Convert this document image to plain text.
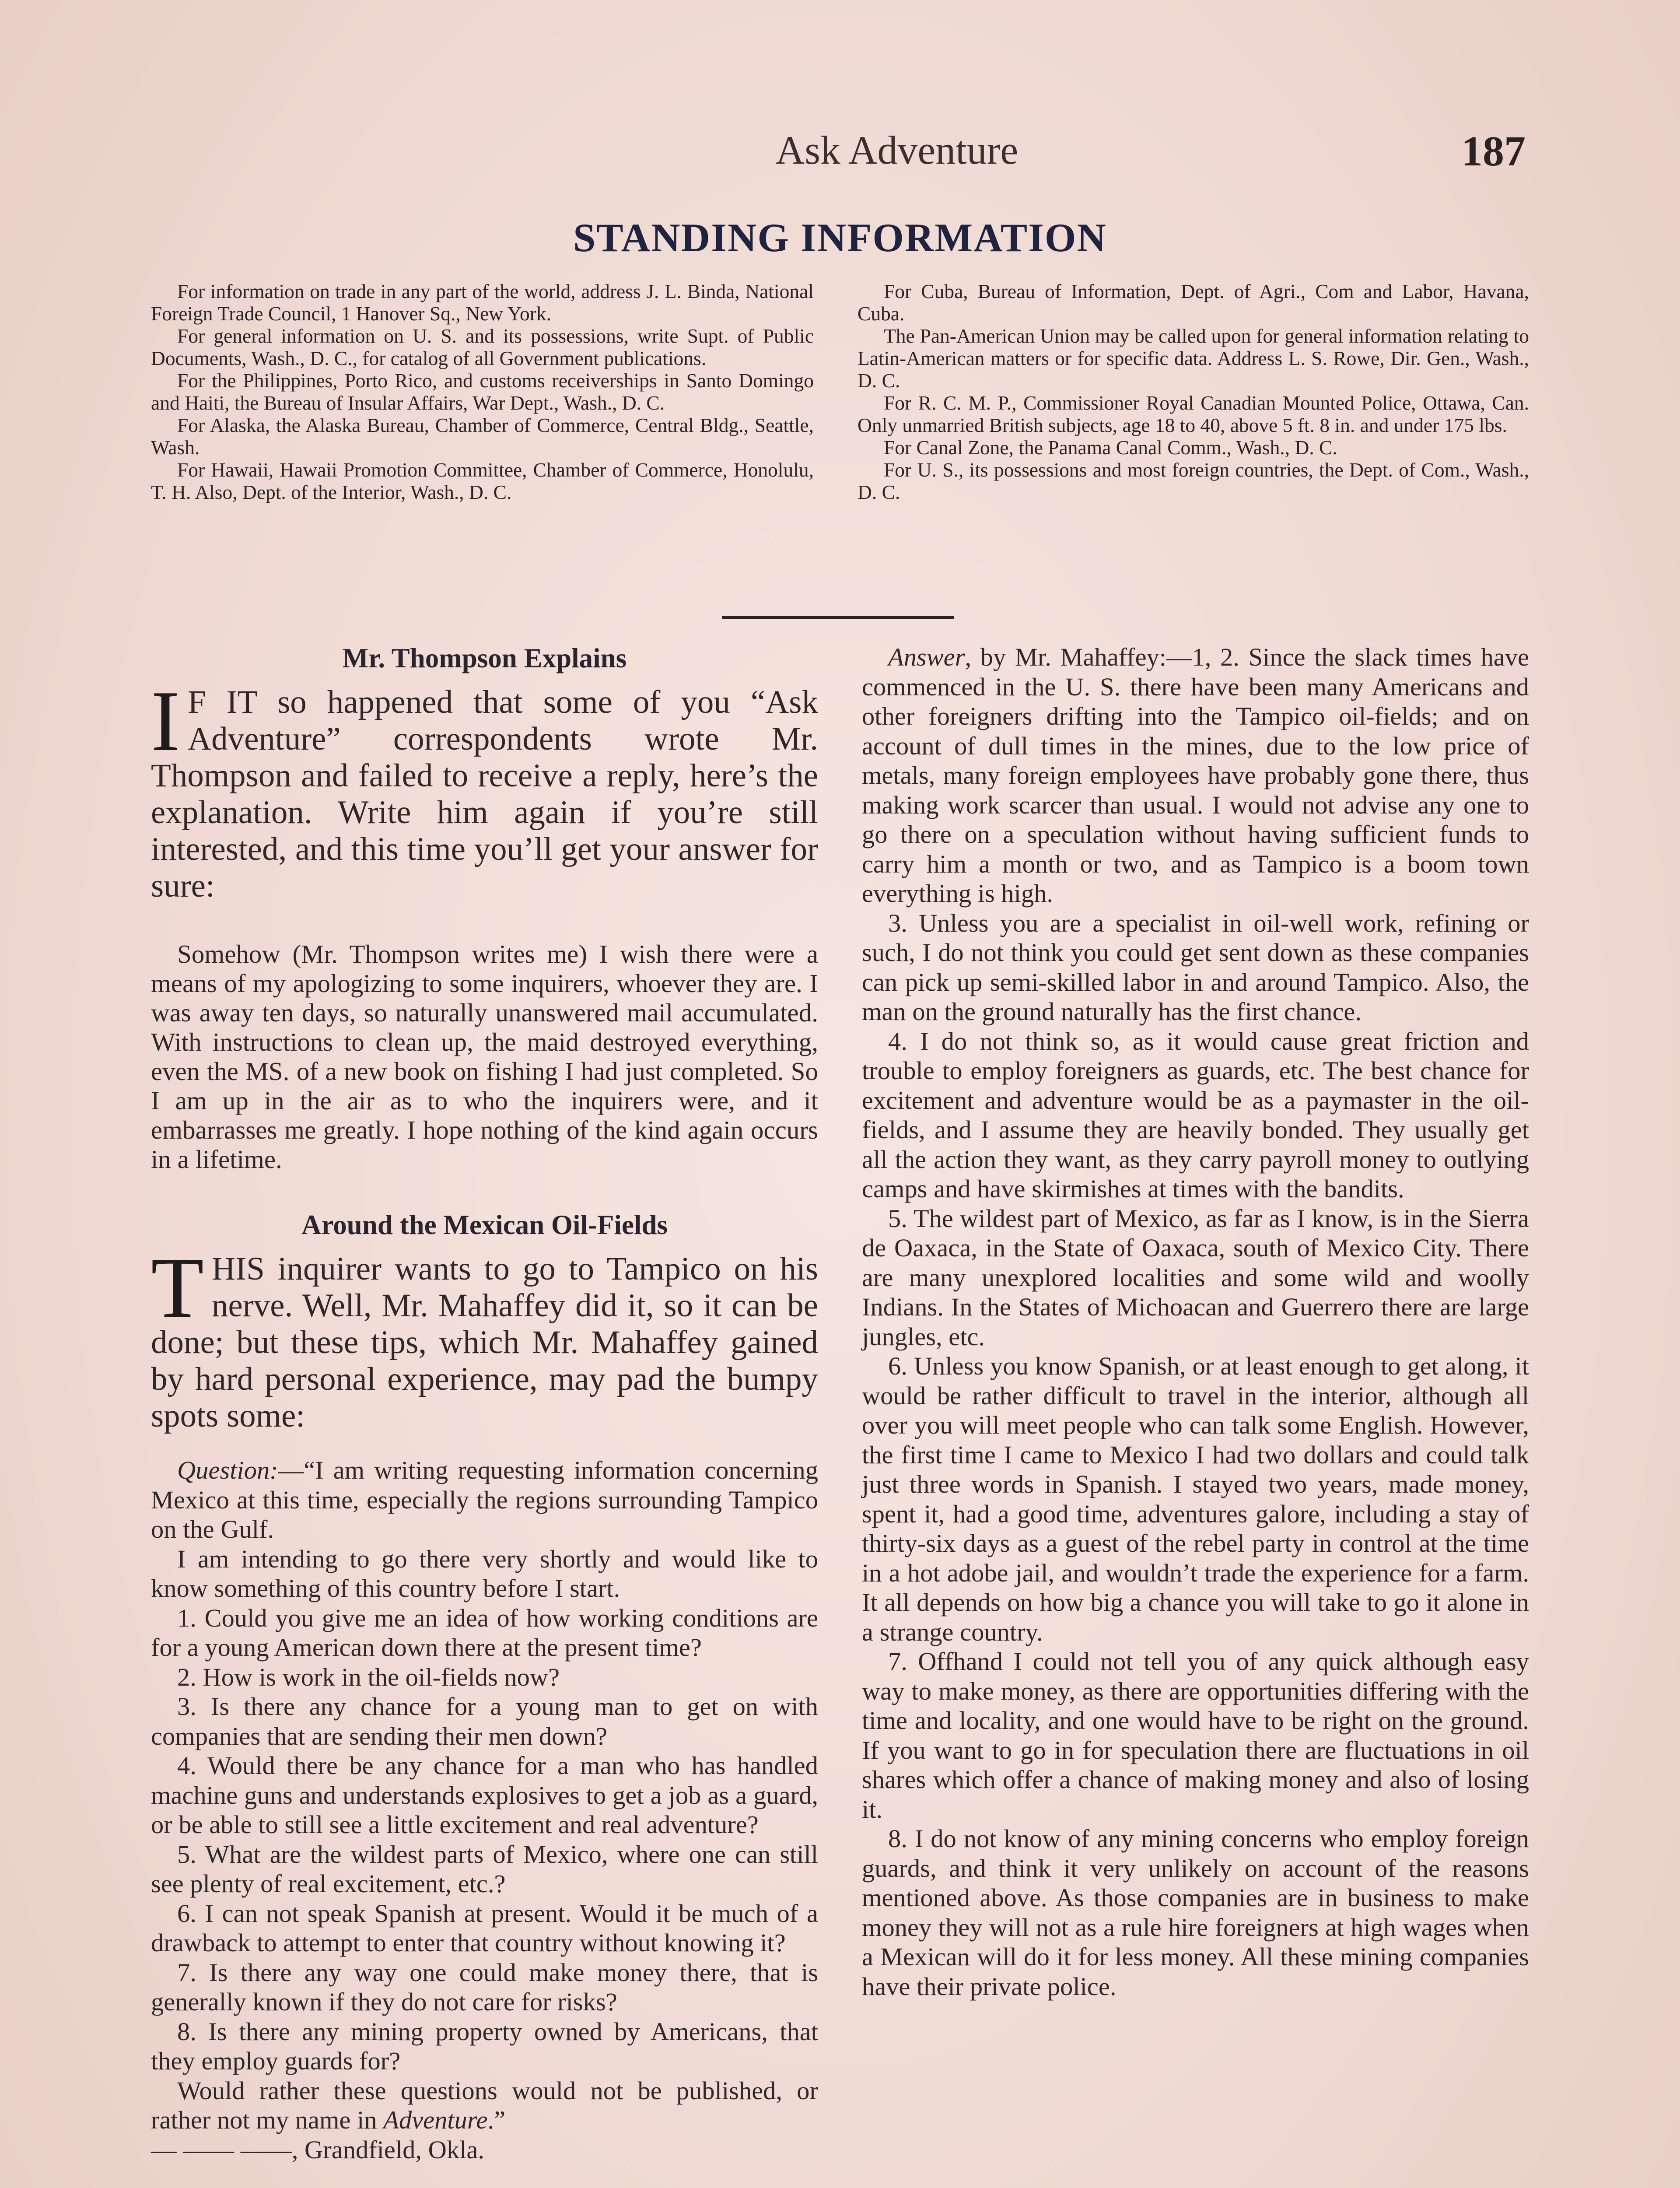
Ask Adventure	187
STANDING INFORMATION

For information on trade in any part of the world, address J. L. Binda, National Foreign Trade Council, 1 Hanover Sq., New York.

For general information on U. S. and its possessions, write Supt. of Public Documents, Wash., D. C., for catalog of all Government publications.

For the Philippines, Porto Rico, and customs receiverships in Santo Domingo and Haiti, the Bureau of Insular Affairs, War Dept., Wash., D. C.

For Alaska, the Alaska Bureau, Chamber of Commerce, Central Bldg., Seattle, Wash.

For Hawaii, Hawaii Promotion Committee, Chamber of Commerce, Honolulu, T. H. Also, Dept. of the Interior, Wash., D. C.

For Cuba, Bureau of Information, Dept. of Agri., Com and Labor, Havana, Cuba.

The Pan-American Union may be called upon for general information relating to Latin-American matters or for specific data. Address L. S. Rowe, Dir. Gen., Wash., D. C.

For R. C. M. P., Commissioner Royal Canadian Mounted Police, Ottawa, Can. Only unmarried British subjects, age 18 to 40, above 5 ft. 8 in. and under 175 lbs.

For Canal Zone, the Panama Canal Comm., Wash., D. C.

For U. S., its possessions and most foreign countries, the Dept. of Com., Wash., D. C.

Mr. Thompson Explains
I F IT so happened that some of you “Ask Adventure” correspondents wrote Mr. Thompson and failed to receive a reply, here’s the explanation. Write him again if you’re still interested, and this time you’ll get your answer for sure:

Somehow (Mr. Thompson writes me) I wish there were a means of my apologizing to some inquirers, whoever they are. I was away ten days, so naturally unanswered mail accumulated. With instructions to clean up, the maid destroyed everything, even the MS. of a new book on fishing I had just completed. So I am up in the air as to who the inquirers were, and it embarrasses me greatly. I hope nothing of the kind again occurs in a lifetime.

Around the Mexican Oil-Fields
THIS inquirer wants to go to Tampico on his nerve. Well, Mr. Mahaffey did it, so it can be done; but these tips, which Mr. Mahaffey gained by hard personal experience, may pad the bumpy spots some:

Question:—“I am writing requesting information concerning Mexico at this time, especially the regions surrounding Tampico on the Gulf.

I am intending to go there very shortly and would like to know something of this country before I start.

1. Could you give me an idea of how working conditions are for a young American down there at the present time?

2. How is work in the oil-fields now?

3. Is there any chance for a young man to get on with companies that are sending their men down?

4. Would there be any chance for a man who has handled machine guns and understands explosives to get a job as a guard, or be able to still see a little excitement and real adventure?

5. What are the wildest parts of Mexico, where one can still see plenty of real excitement, etc.?

6. I can not speak Spanish at present. Would it be much of a drawback to attempt to enter that country without knowing it?

7. Is there any way one could make money there, that is generally known if they do not care for risks?

8. Is there any mining property owned by Americans, that they employ guards for?

Would rather these questions would not be published, or rather not my name in Adventure.”

— —— ——, Grandfield, Okla.

Answer, by Mr. Mahaffey:—1, 2. Since the slack times have commenced in the U. S. there have been many Americans and other foreigners drifting into the Tampico oil-fields; and on account of dull times in the mines, due to the low price of metals, many foreign employees have probably gone there, thus making work scarcer than usual. I would not advise any one to go there on a speculation without having sufficient funds to carry him a month or two, and as Tampico is a boom town everything is high.

3. Unless you are a specialist in oil-well work, refining or such, I do not think you could get sent down as these companies can pick up semi-skilled labor in and around Tampico. Also, the man on the ground naturally has the first chance.

4. I do not think so, as it would cause great friction and trouble to employ foreigners as guards, etc. The best chance for excitement and adventure would be as a paymaster in the oil-fields, and I assume they are heavily bonded. They usually get all the action they want, as they carry payroll money to outlying camps and have skirmishes at times with the bandits.

5. The wildest part of Mexico, as far as I know, is in the Sierra de Oaxaca, in the State of Oaxaca, south of Mexico City. There are many unexplored localities and some wild and woolly Indians. In the States of Michoacan and Guerrero there are large jungles, etc.

6. Unless you know Spanish, or at least enough to get along, it would be rather difficult to travel in the interior, although all over you will meet people who can talk some English. However, the first time I came to Mexico I had two dollars and could talk just three words in Spanish. I stayed two years, made money, spent it, had a good time, adventures galore, including a stay of thirty-six days as a guest of the rebel party in control at the time in a hot adobe jail, and wouldn’t trade the experience for a farm. It all depends on how big a chance you will take to go it alone in a strange country.

7. Offhand I could not tell you of any quick although easy way to make money, as there are opportunities differing with the time and locality, and one would have to be right on the ground. If you want to go in for speculation there are fluctuations in oil shares which offer a chance of making money and also of losing it.

8. I do not know of any mining concerns who employ foreign guards, and think it very unlikely on account of the reasons mentioned above. As those companies are in business to make money they will not as a rule hire foreigners at high wages when a Mexican will do it for less money. All these mining companies have their private police.
